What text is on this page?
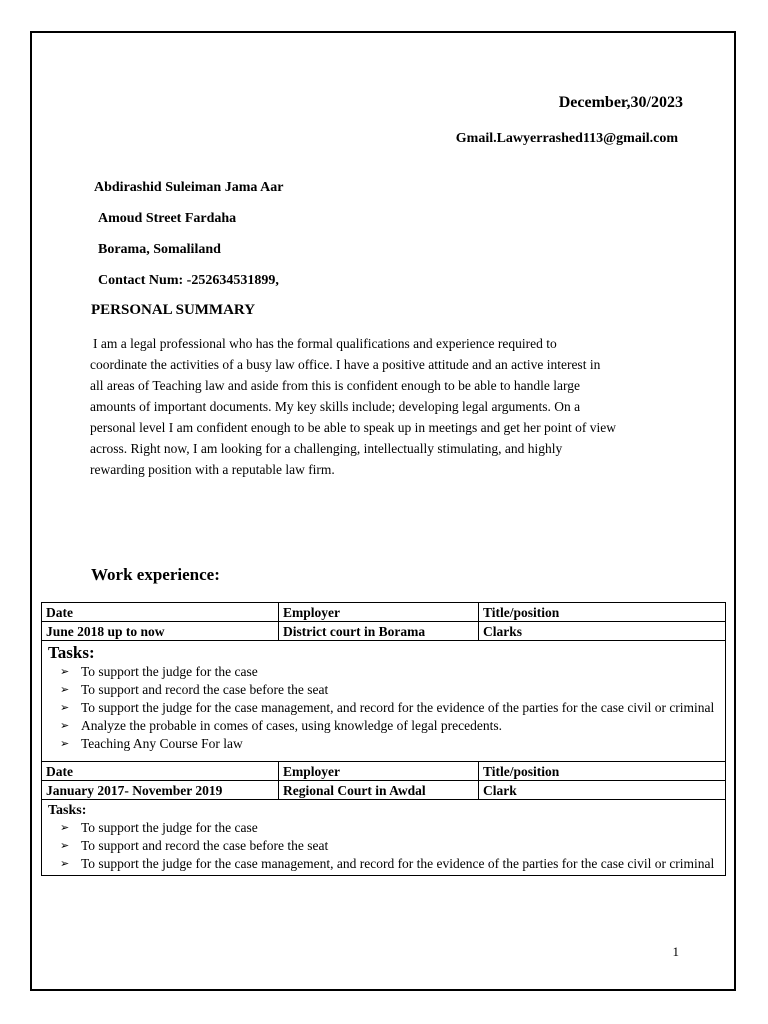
December,30/2023
Gmail.Lawyerrashed113@gmail.com
Abdirashid Suleiman Jama Aar
Amoud Street Fardaha
Borama, Somaliland
Contact Num: -252634531899,
PERSONAL SUMMARY

I am a legal professional who has the formal qualifications and experience required to

coordinate the activities of a busy law office. I have a positive attitude and an active interest in

all areas of Teaching law and aside from this is confident enough to be able to handle large

amounts of important documents. My key skills include; developing legal arguments. On a

personal level I am confident enough to be able to speak up in meetings and get her point of view

across. Right now, I am looking for a challenging, intellectually stimulating, and highly

rewarding position with a reputable law firm.

Work experience:
Date	Employer	Title/position
June 2018 up to now	District court in Borama	Clarks
Tasks:
➢ To support the judge for the case
➢ To support and record the case before the seat
➢ To support the judge for the case management, and record for the evidence of the parties for the case civil or criminal
➢ Analyze the probable in comes of cases, using knowledge of legal precedents.
➢ Teaching Any Course For law
Date	Employer	Title/position
January 2017- November 2019	Regional Court in Awdal	Clark
Tasks:
➢ To support the judge for the case
➢ To support and record the case before the seat
➢ To support the judge for the case management, and record for the evidence of the parties for the case civil or criminal
1
